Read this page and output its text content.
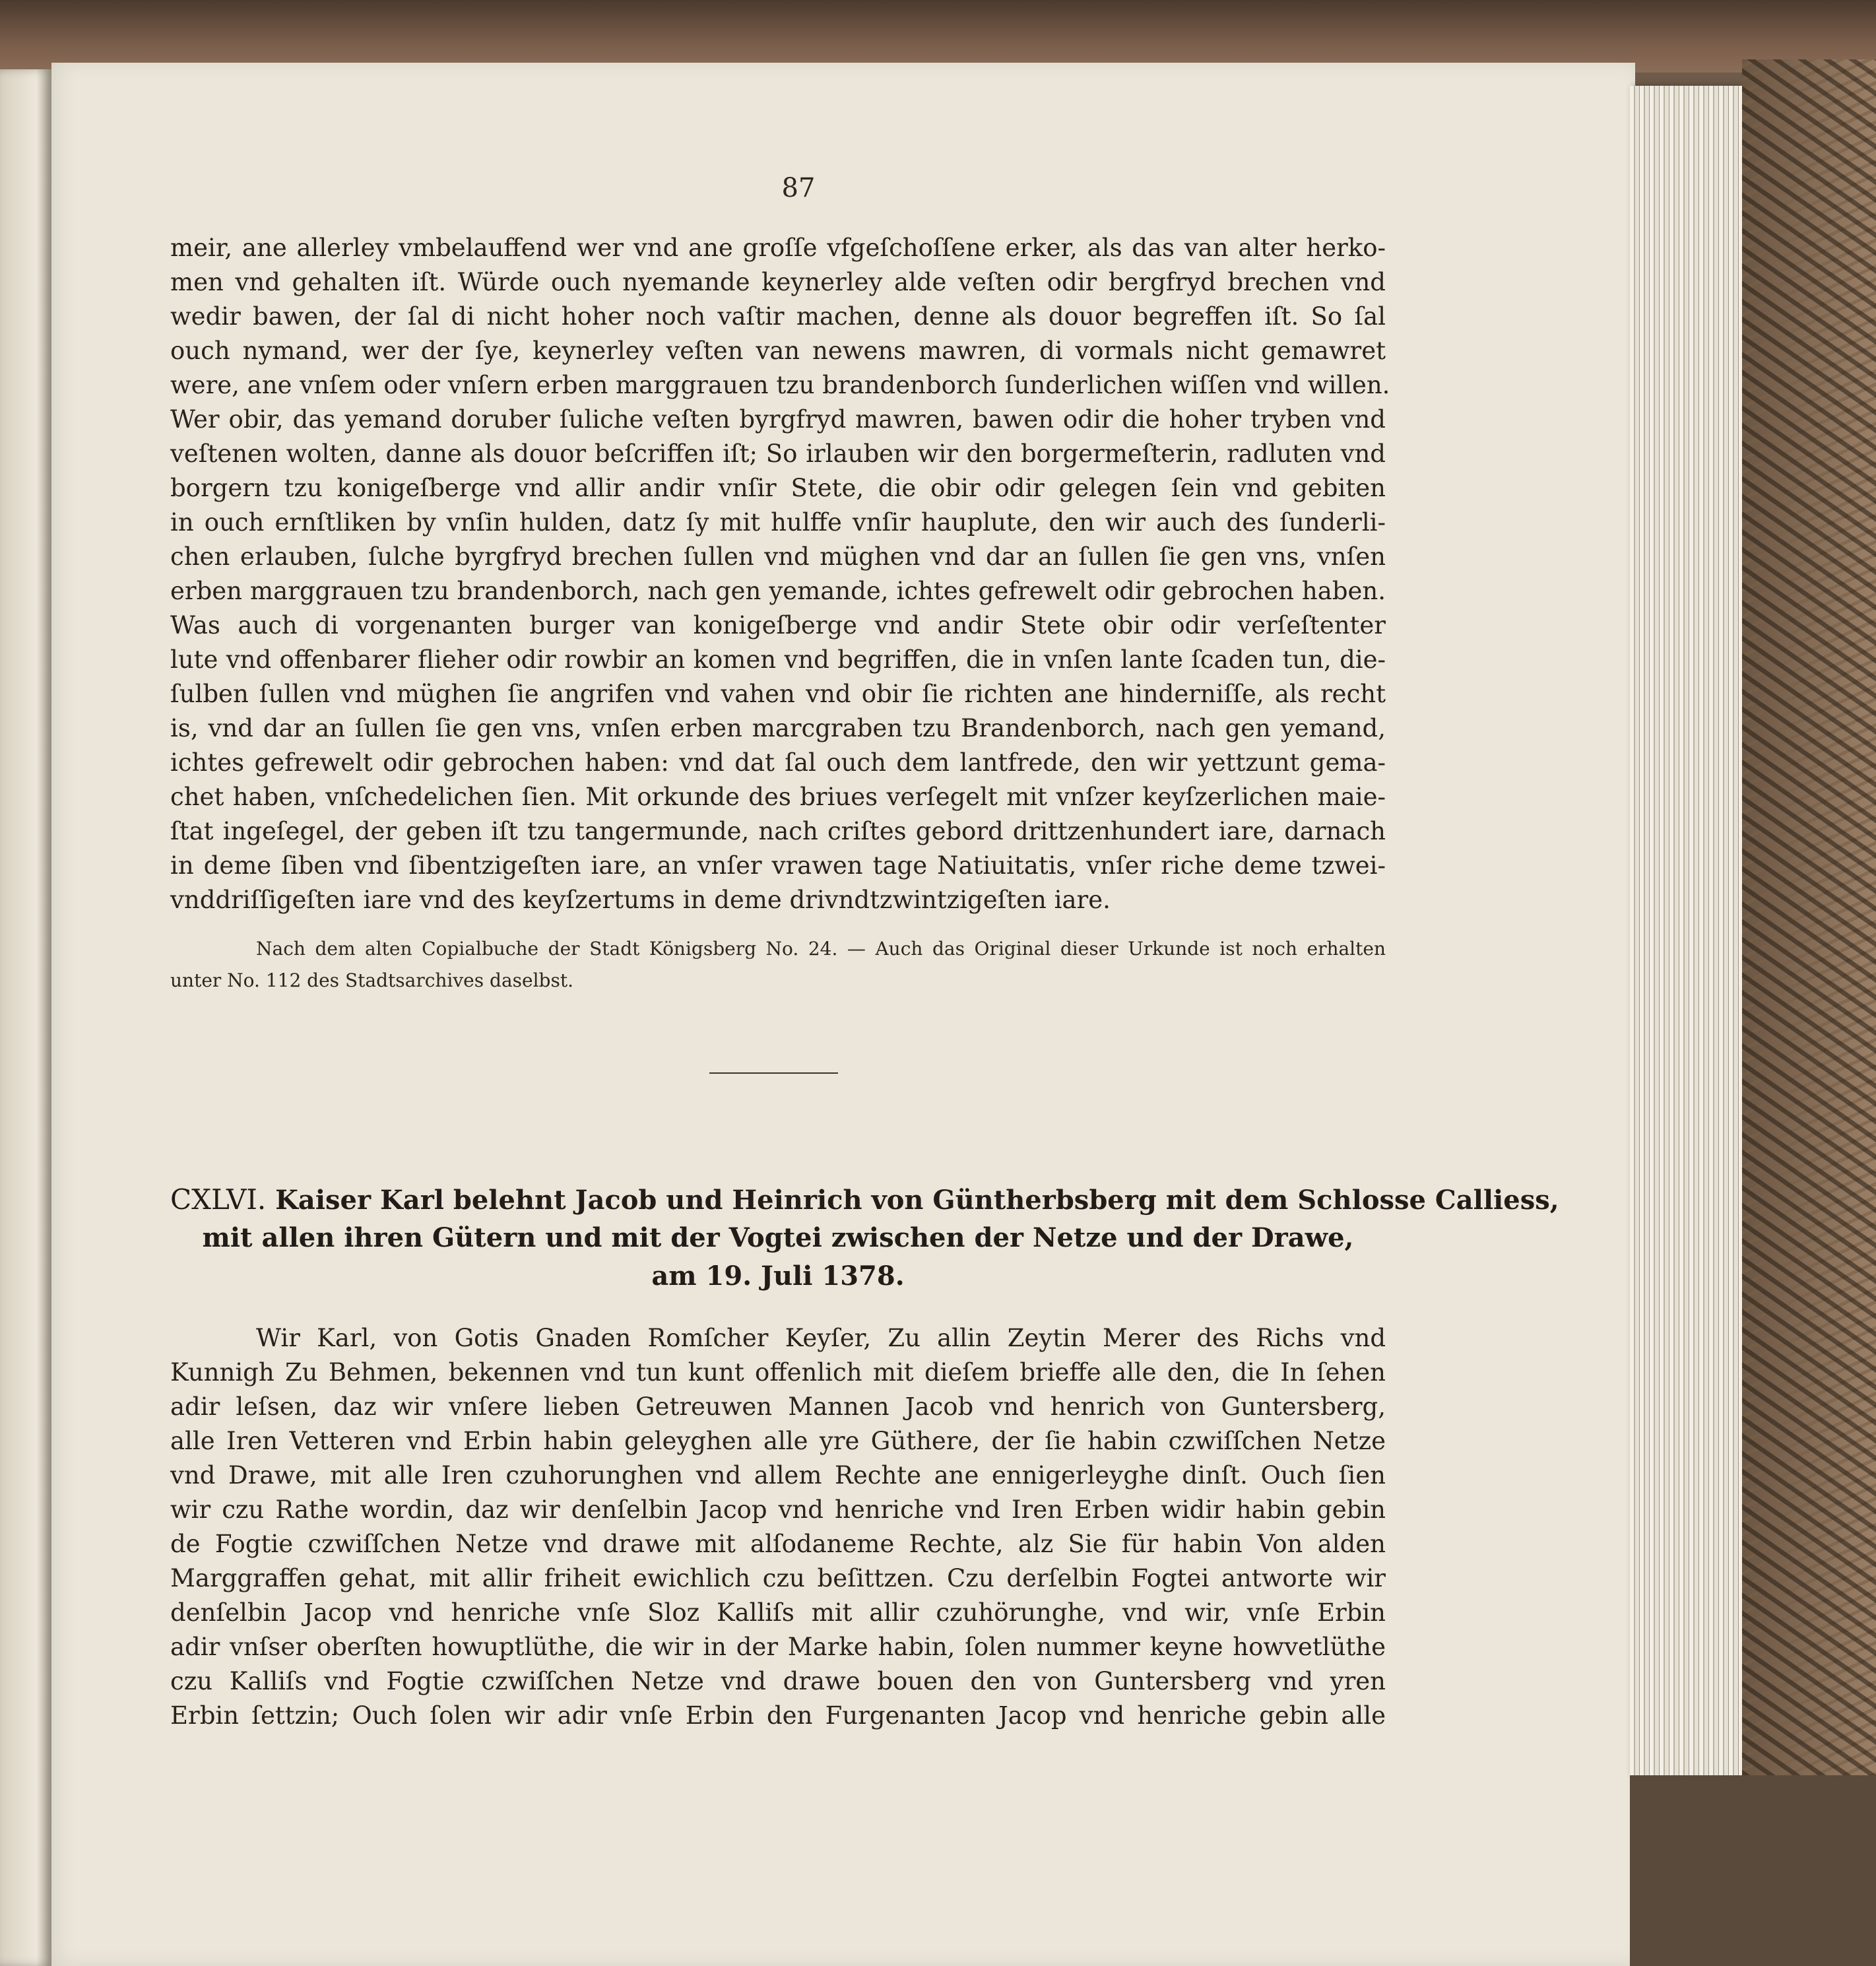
87

meir, ane allerley vmbelauffend wer vnd ane groſſe vfgeſchoſſene erker, als das van alter herko-

men vnd gehalten iſt. Würde ouch nyemande keynerley alde veſten odir bergfryd brechen vnd

wedir bawen, der ſal di nicht hoher noch vaſtir machen, denne als douor begreffen iſt. So ſal

ouch nymand, wer der ſye, keynerley veſten van newens mawren, di vormals nicht gemawret

were, ane vnſem oder vnſern erben marggrauen tzu brandenborch ſunderlichen wiſſen vnd willen.

Wer obir, das yemand doruber ſuliche veſten byrgfryd mawren, bawen odir die hoher tryben vnd

veſtenen wolten, danne als douor beſcriffen iſt; So irlauben wir den borgermeſterin, radluten vnd

borgern tzu konigeſberge vnd allir andir vnſir Stete, die obir odir gelegen ſein vnd gebiten

in ouch ernſtliken by vnſin hulden, datz ſy mit hulffe vnſir hauplute, den wir auch des ſunderli-

chen erlauben, ſulche byrgfryd brechen ſullen vnd müghen vnd dar an ſullen ſie gen vns, vnſen

erben marggrauen tzu brandenborch, nach gen yemande, ichtes gefrewelt odir gebrochen haben.

Was auch di vorgenanten burger van konigeſberge vnd andir Stete obir odir verſeſtenter

lute vnd offenbarer flieher odir rowbir an komen vnd begriffen, die in vnſen lante ſcaden tun, die-

ſulben ſullen vnd müghen ſie angrifen vnd vahen vnd obir ſie richten ane hinderniſſe, als recht

is, vnd dar an ſullen ſie gen vns, vnſen erben marcgraben tzu Brandenborch, nach gen yemand,

ichtes gefrewelt odir gebrochen haben: vnd dat ſal ouch dem lantfrede, den wir yettzunt gema-

chet haben, vnſchedelichen ſien. Mit orkunde des briues verſegelt mit vnſzer keyſzerlichen maie-

ſtat ingeſegel, der geben iſt tzu tangermunde, nach criſtes gebord drittzenhundert iare, darnach

in deme ſiben vnd ſibentzigeſten iare, an vnſer vrawen tage Natiuitatis, vnſer riche deme tzwei-

vnddriſſigeſten iare vnd des keyſzertums in deme drivndtzwintzigeſten iare.

Nach dem alten Copialbuche der Stadt Königsberg No. 24. — Auch das Original dieser Urkunde ist noch erhalten

unter No. 112 des Stadtsarchives daselbst.

CXLVI. Kaiser Karl belehnt Jacob und Heinrich von Güntherbsberg mit dem Schlosse Calliess,

mit allen ihren Gütern und mit der Vogtei zwischen der Netze und der Drawe,

am 19. Juli 1378.

Wir Karl, von Gotis Gnaden Romſcher Keyſer, Zu allin Zeytin Merer des Richs vnd

Kunnigh Zu Behmen, bekennen vnd tun kunt offenlich mit dieſem brieffe alle den, die In ſehen

adir leſsen, daz wir vnſere lieben Getreuwen Mannen Jacob vnd henrich von Guntersberg,

alle Iren Vetteren vnd Erbin habin geleyghen alle yre Güthere, der ſie habin czwiſſchen Netze

vnd Drawe, mit alle Iren czuhorunghen vnd allem Rechte ane ennigerleyghe dinſt. Ouch ſien

wir czu Rathe wordin, daz wir denſelbin Jacop vnd henriche vnd Iren Erben widir habin gebin

de Fogtie czwiſſchen Netze vnd drawe mit alſodaneme Rechte, alz Sie für habin Von alden

Marggraffen gehat, mit allir friheit ewichlich czu beſittzen. Czu derſelbin Fogtei antworte wir

denſelbin Jacop vnd henriche vnſe Sloz Kalliſs mit allir czuhörunghe, vnd wir, vnſe Erbin

adir vnſser oberſten howuptlüthe, die wir in der Marke habin, ſolen nummer keyne howvetlüthe

czu Kalliſs vnd Fogtie czwiſſchen Netze vnd drawe bouen den von Guntersberg vnd yren

Erbin ſettzin; Ouch ſolen wir adir vnſe Erbin den Furgenanten Jacop vnd henriche gebin alle
